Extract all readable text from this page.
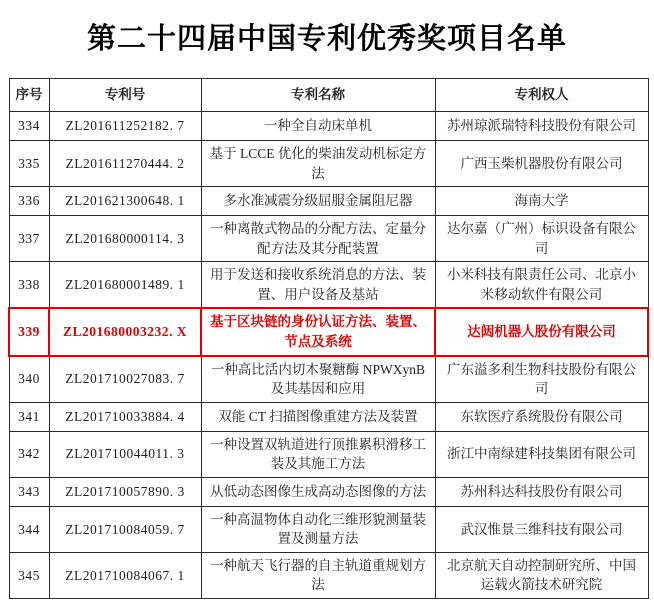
第二十四届中国专利优秀奖项目名单
序号	专利号	专利名称	专利权人
334	ZL201611252182. 7	一种全自动床单机	苏州琼派瑞特科技股份有限公司
335	ZL201611270444. 2	基于 LCCE 优化的柴油发动机标定方法	广西玉柴机器股份有限公司
336	ZL201621300648. 1	多水准减震分级屈服金属阻尼器	海南大学
337	ZL201680000114. 3	一种离散式物品的分配方法、定量分配方法及其分配装置	达尔嘉（广州）标识设备有限公司
338	ZL201680001489. 1	用于发送和接收系统消息的方法、装置、用户设备及基站	小米科技有限责任公司、北京小米移动软件有限公司
339	ZL201680003232. X	基于区块链的身份认证方法、装置、节点及系统	达闼机器人股份有限公司
340	ZL201710027083. 7	一种高比活内切木聚糖酶 NPWXynB 及其基因和应用	广东溢多利生物科技股份有限公司
341	ZL201710033884. 4	双能 CT 扫描图像重建方法及装置	东软医疗系统股份有限公司
342	ZL201710044011. 3	一种设置双轨道进行顶推累积滑移工装及其施工方法	浙江中南绿建科技集团有限公司
343	ZL201710057890. 3	从低动态图像生成高动态图像的方法	苏州科达科技股份有限公司
344	ZL201710084059. 7	一种高温物体自动化三维形貌测量装置及测量方法	武汉惟景三维科技有限公司
345	ZL201710084067. 1	一种航天飞行器的自主轨道重规划方法	北京航天自动控制研究所、中国运载火箭技术研究院
